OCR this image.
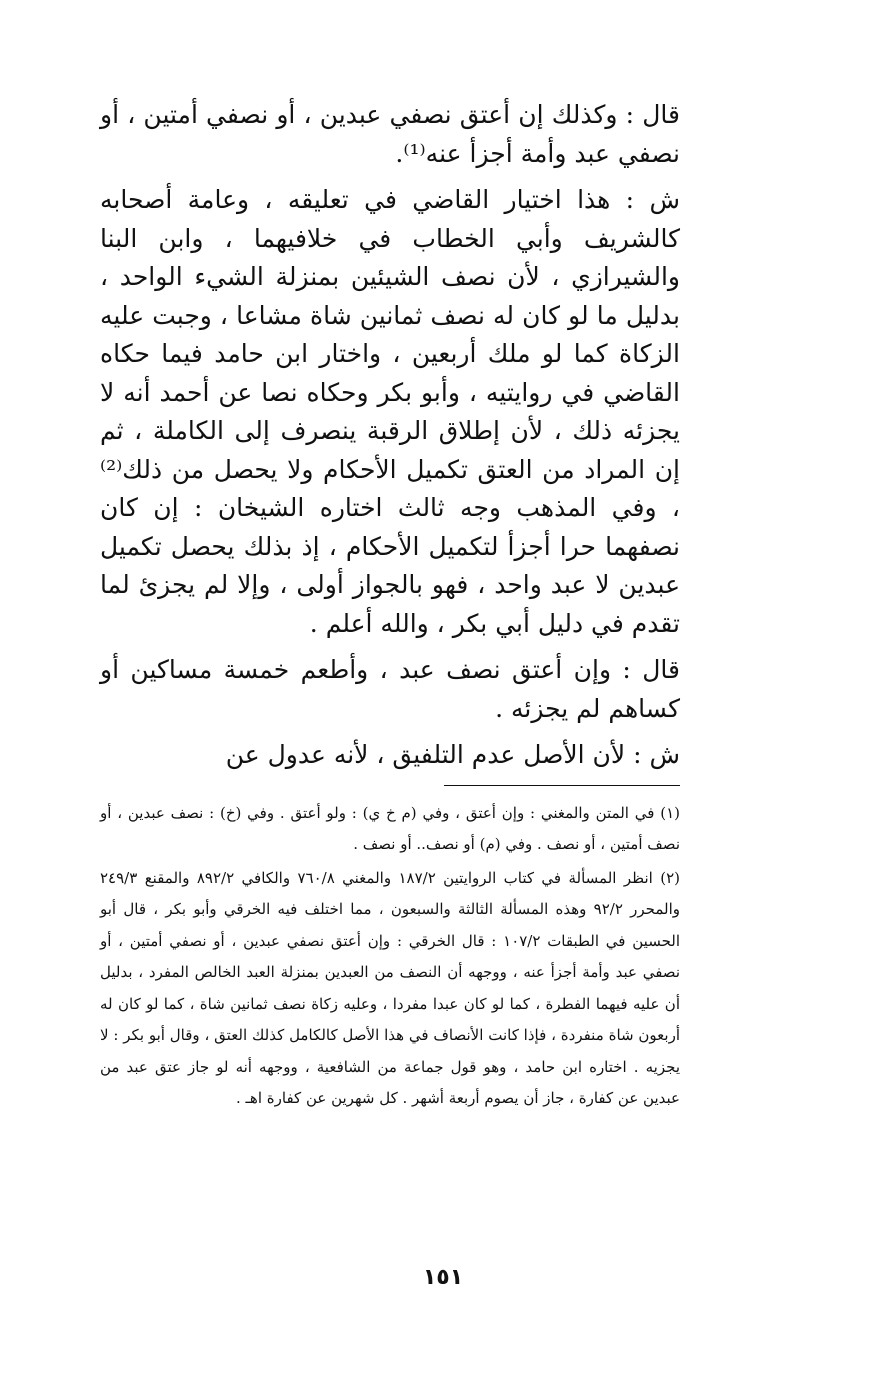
قال : وكذلك إن أعتق نصفي عبدين ، أو نصفي أمتين ، أو نصفي عبد وأمة أجزأ عنه⁽¹⁾.

ش : هذا اختيار القاضي في تعليقه ، وعامة أصحابه كالشريف وأبي الخطاب في خلافيهما ، وابن البنا والشيرازي ، لأن نصف الشيئين بمنزلة الشيء الواحد ، بدليل ما لو كان له نصف ثمانين شاة مشاعا ، وجبت عليه الزكاة كما لو ملك أربعين ، واختار ابن حامد فيما حكاه القاضي في روايتيه ، وأبو بكر وحكاه نصا عن أحمد أنه لا يجزئه ذلك ، لأن إطلاق الرقبة ينصرف إلى الكاملة ، ثم إن المراد من العتق تكميل الأحكام ولا يحصل من ذلك⁽²⁾ ، وفي المذهب وجه ثالث اختاره الشيخان : إن كان نصفهما حرا أجزأ لتكميل الأحكام ، إذ بذلك يحصل تكميل عبدين لا عبد واحد ، فهو بالجواز أولى ، وإلا لم يجزئ لما تقدم في دليل أبي بكر ، والله أعلم .

قال : وإن أعتق نصف عبد ، وأطعم خمسة مساكين أو كساهم لم يجزئه .

ش : لأن الأصل عدم التلفيق ، لأنه عدول عن

(١) في المتن والمغني : وإن أعتق ، وفي (م خ ي) : ولو أعتق . وفي (خ) : نصف عبدين ، أو نصف أمتين ، أو نصف . وفي (م) أو نصف.. أو نصف .

(٢) انظر المسألة في كتاب الروايتين ١٨٧/٢ والمغني ٧٦٠/٨ والكافي ٨٩٢/٢ والمقنع ٢٤٩/٣ والمحرر ٩٢/٢ وهذه المسألة الثالثة والسبعون ، مما اختلف فيه الخرقي وأبو بكر ، قال أبو الحسين في الطبقات ١٠٧/٢ : قال الخرقي : وإن أعتق نصفي عبدين ، أو نصفي أمتين ، أو نصفي عبد وأمة أجزأ عنه ، ووجهه أن النصف من العبدين بمنزلة العبد الخالص المفرد ، بدليل أن عليه فيهما الفطرة ، كما لو كان عبدا مفردا ، وعليه زكاة نصف ثمانين شاة ، كما لو كان له أربعون شاة منفردة ، فإذا كانت الأنصاف في هذا الأصل كالكامل كذلك العتق ، وقال أبو بكر : لا يجزيه . اختاره ابن حامد ، وهو قول جماعة من الشافعية ، ووجهه أنه لو جاز عتق عبد من عبدين عن كفارة ، جاز أن يصوم أربعة أشهر . كل شهرين عن كفارة اهـ .

١٥١
